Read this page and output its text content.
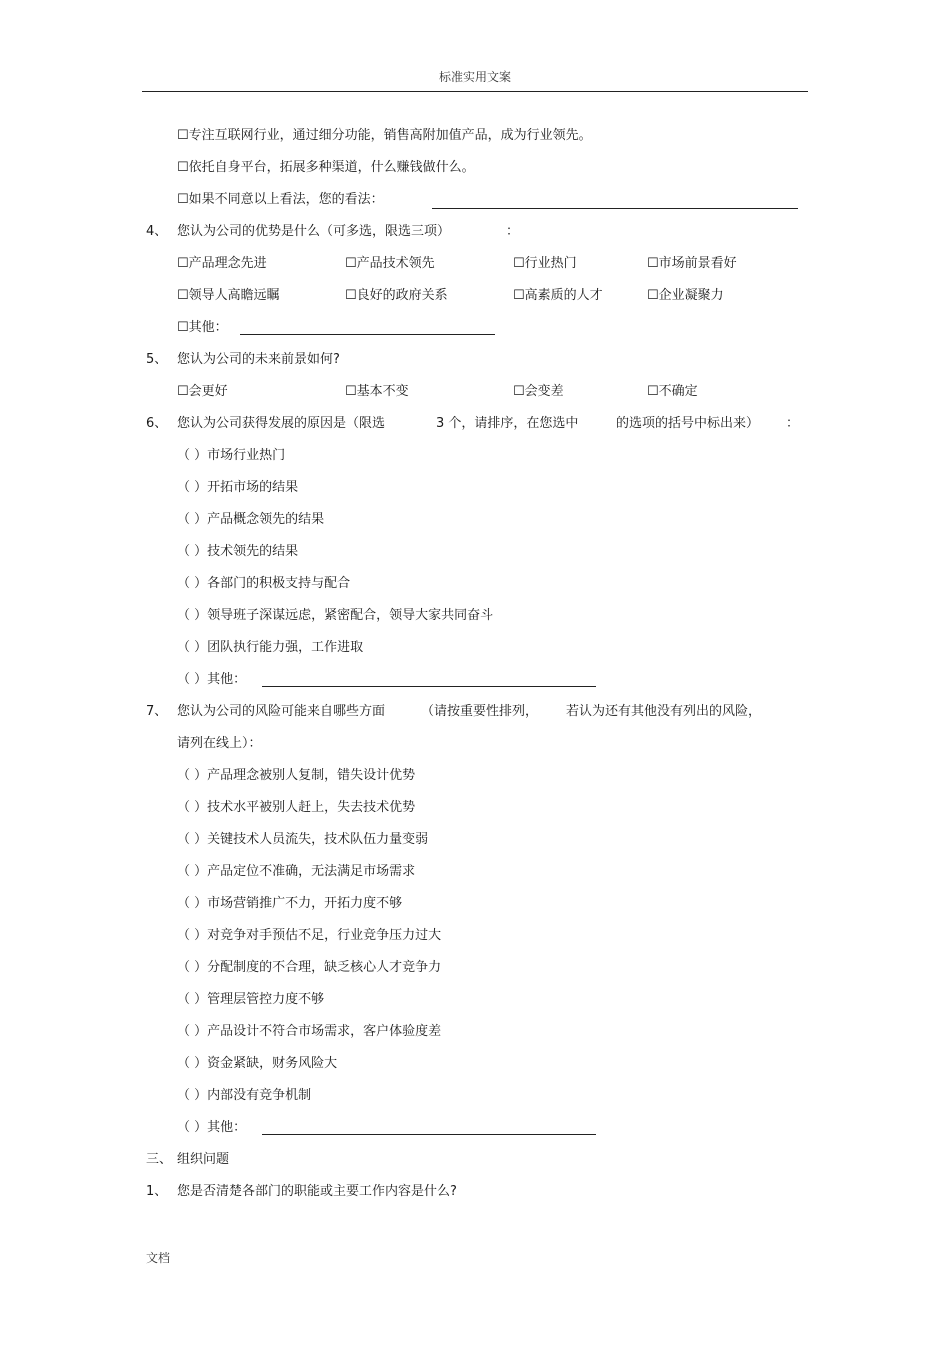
标准实用文案
☐专注互联网行业，通过细分功能，销售高附加值产品，成为行业领先。
☐依托自身平台，拓展多种渠道，什么赚钱做什么。
☐如果不同意以上看法，您的看法：
4、 您认为公司的优势是什么（可多选，限选三项）	：
☐产品理念先进	☐产品技术领先	☐行业热门	☐市场前景看好
☐领导人高瞻远瞩	☐良好的政府关系	☐高素质的人才	☐企业凝聚力
☐其他：
5、 您认为公司的未来前景如何?
☐会更好	☐基本不变	☐会变差	☐不确定
6、 您认为公司获得发展的原因是（限选	3 个，请排序，在您选中	的选项的括号中标出来） ：
（ ）市场行业热门
（ ）开拓市场的结果
（ ）产品概念领先的结果
（ ）技术领先的结果
（ ）各部门的积极支持与配合
（ ）领导班子深谋远虑，紧密配合，领导大家共同奋斗
（ ）团队执行能力强，工作进取
（ ）其他：
7、 您认为公司的风险可能来自哪些方面	（请按重要性排列， 若认为还有其他没有列出的风险，
请列在线上）：
（ ）产品理念被别人复制，错失设计优势
（ ）技术水平被别人赶上，失去技术优势
（ ）关键技术人员流失，技术队伍力量变弱
（ ）产品定位不准确，无法满足市场需求
（ ）市场营销推广不力，开拓力度不够
（ ）对竞争对手预估不足，行业竞争压力过大
（ ）分配制度的不合理，缺乏核心人才竞争力
（ ）管理层管控力度不够
（ ）产品设计不符合市场需求，客户体验度差
（ ）资金紧缺，财务风险大
（ ）内部没有竞争机制
（ ）其他：
三、 组织问题
1、 您是否清楚各部门的职能或主要工作内容是什么?
文档
